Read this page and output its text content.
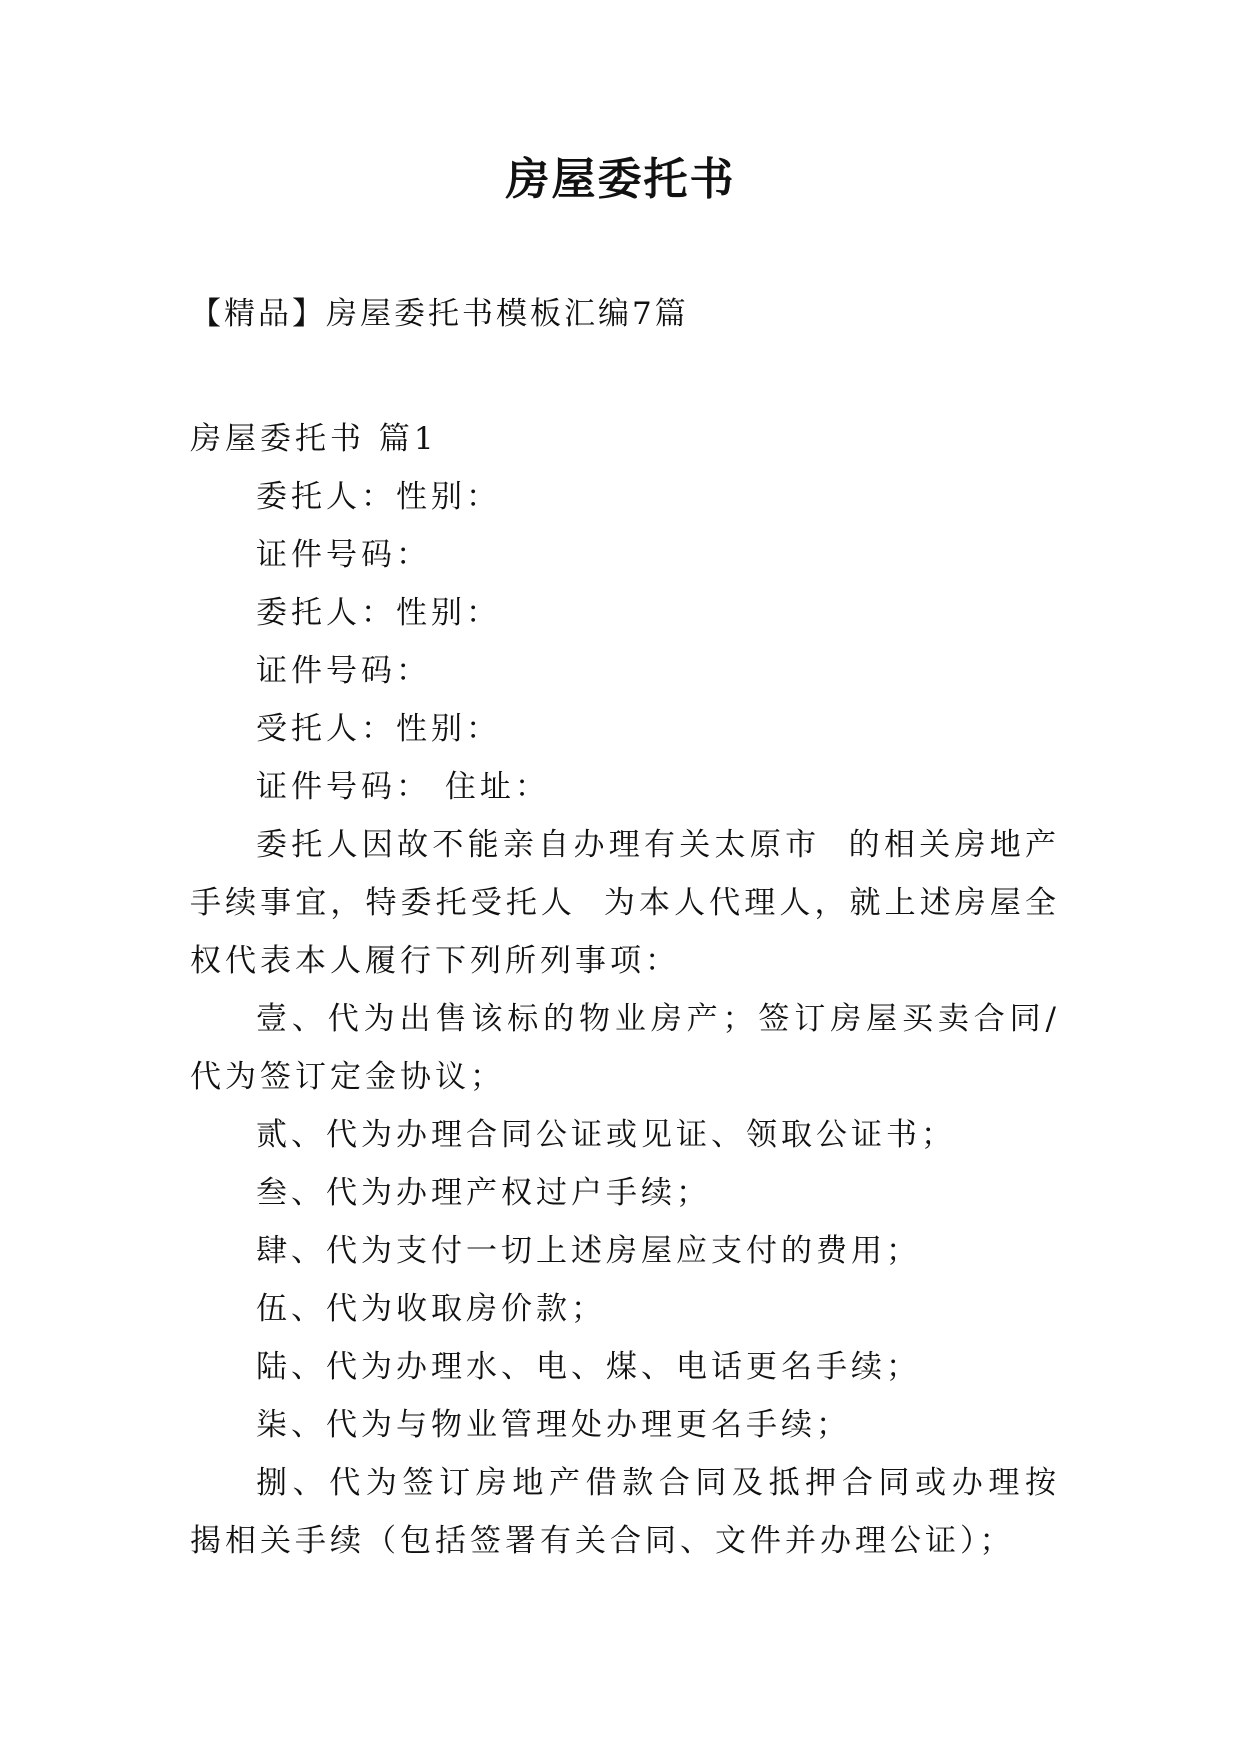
房屋委托书
【精品】房屋委托书模板汇编7篇

房屋委托书 篇1

委托人：性别：

证件号码：

委托人：性别：

证件号码：

受托人：性别：

证件号码： 住址：

委托人因故不能亲自办理有关太原市  的相关房地产手续事宜，特委托受托人  为本人代理人，就上述房屋全权代表本人履行下列所列事项：

壹、代为出售该标的物业房产；签订房屋买卖合同/代为签订定金协议；

贰、代为办理合同公证或见证、领取公证书；

叁、代为办理产权过户手续；

肆、代为支付一切上述房屋应支付的费用；

伍、代为收取房价款；

陆、代为办理水、电、煤、电话更名手续；

柒、代为与物业管理处办理更名手续；

捌、代为签订房地产借款合同及抵押合同或办理按揭相关手续（包括签署有关合同、文件并办理公证）；
